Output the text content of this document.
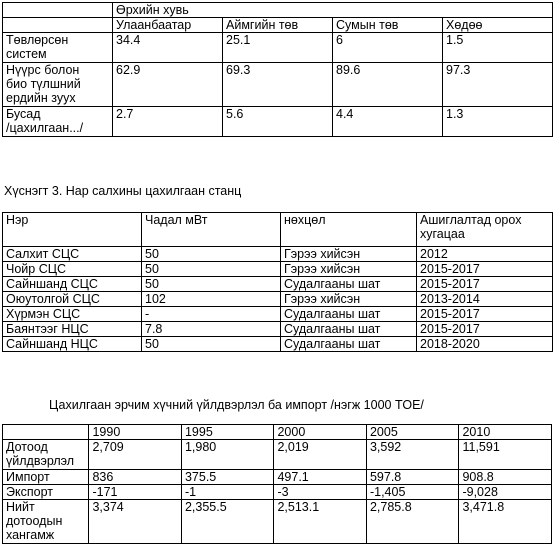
	Өрхийн хувь			
	Улаанбаатар	Аймгийн төв	Сумын төв	Хөдөө
Төвлөрсөн
систем	34.4	25.1	6	1.5
Нүүрс болон
био түлшний
ердийн зуух	62.9	69.3	89.6	97.3
Бусад
/цахилгаан.../	2.7	5.6	4.4	1.3
Хүснэгт 3. Нар салхины цахилгаан станц
Нэр	Чадал мВт	нөхцөл	Ашиглалтад орох
хугацаа
Салхит СЦС	50	Гэрээ хийсэн	2012
Чойр СЦС	50	Гэрээ хийсэн	2015-2017
Сайншанд СЦС	50	Судалгааны шат	2015-2017
Оюутолгой СЦС	102	Гэрээ хийсэн	2013-2014
Хүрмэн СЦС	-	Судалгааны шат	2015-2017
Баянтээг НЦС	7.8	Судалгааны шат	2015-2017
Сайншанд НЦС	50	Судалгааны шат	2018-2020
Цахилгаан эрчим хүчний үйлдвэрлэл ба импорт /нэгж 1000 TOE/
	1990	1995	2000	2005	2010
Дотоод
үйлдвэрлэл	2,709	1,980	2,019	3,592	11,591
Импорт	836	375.5	497.1	597.8	908.8
Экспорт	-171	-1	-3	-1,405	-9,028
Нийт
дотоодын
хангамж	3,374	2,355.5	2,513.1	2,785.8	3,471.8
